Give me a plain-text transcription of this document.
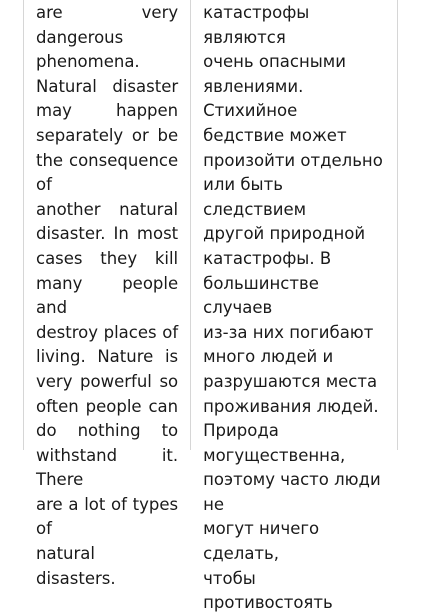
are very dangerous
phenomena.
Natural disaster
may happen
separately or be
the consequence of
another natural
disaster. In most
cases they kill
many people and
destroy places of
living. Nature is
very powerful so
often people can
do nothing to
withstand it. There
are a lot of types of
natural disasters.
катастрофы являются
очень опасными
явлениями. Стихийное
бедствие может
произойти отдельно
или быть следствием
другой природной
катастрофы. В
большинстве случаев
из-за них погибают
много людей и
разрушаются места
проживания людей.
Природа
могущественна,
поэтому часто люди не
могут ничего сделать,
чтобы противостоять
